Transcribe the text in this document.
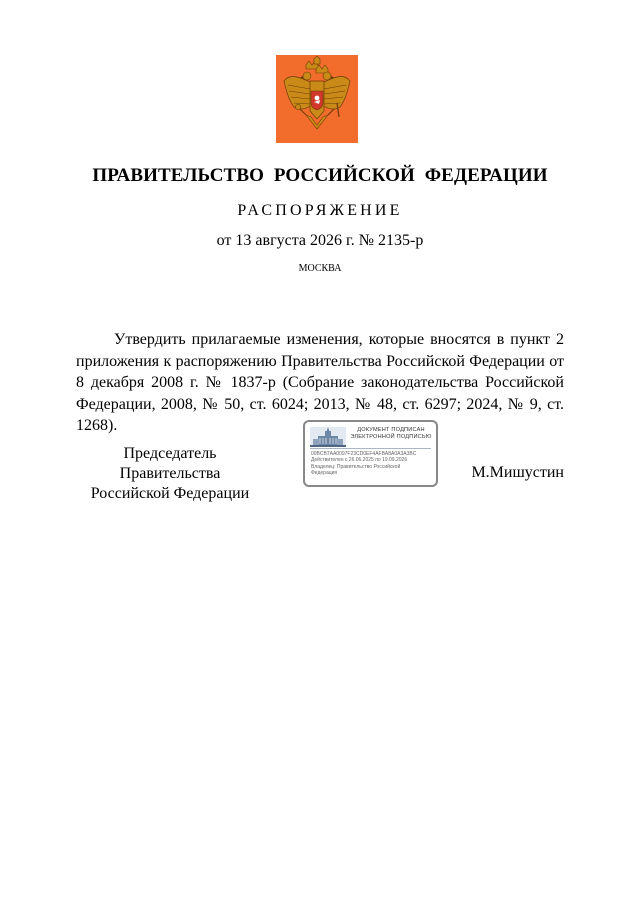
ПРАВИТЕЛЬСТВО РОССИЙСКОЙ ФЕДЕРАЦИИ
РАСПОРЯЖЕНИЕ
от 13 августа 2026 г. № 2135-р
МОСКВА
Утвердить прилагаемые изменения, которые вносятся в пункт 2 приложения к распоряжению Правительства Российской Федерации от 8 декабря 2008 г. № 1837-р (Собрание законодательства Российской Федерации, 2008, № 50, ст. 6024; 2013, № 48, ст. 6297; 2024, № 9, ст. 1268).
Председатель Правительства
Российской Федерации
ДОКУМЕНТ ПОДПИСАН
ЭЛЕКТРОННОЙ ПОДПИСЬЮ
00BCB7AA0097F23CD0EF4AFBA8A0A3A3BC
Действителен с 26.06.2025 по 19.09.2026
Владелец: Правительство Российской
Федерация	М.Мишустин
